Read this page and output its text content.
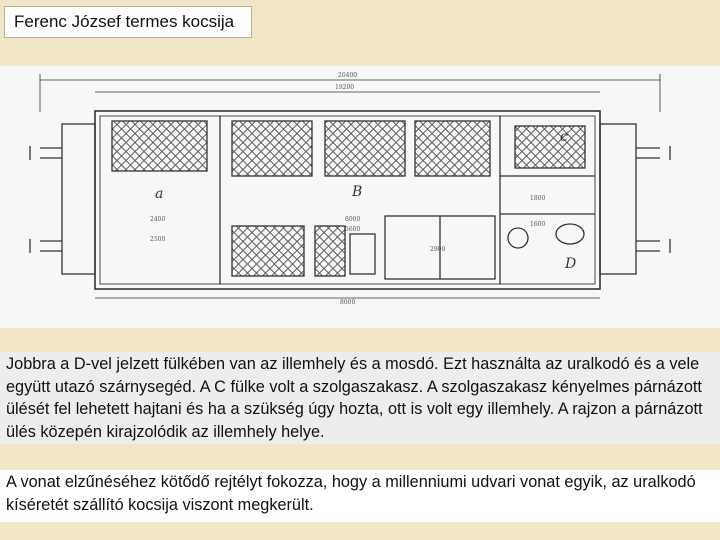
Ferenc József termes kocsija
a	B
c
D
26400
19200
2400
2500
8000
5600
2900
1800
1600
8000
Jobbra a D-vel jelzett fülkében van az illemhely és a mosdó. Ezt használta az uralkodó és a vele együtt utazó szárnysegéd. A C fülke volt a szolgaszakasz. A szolgaszakasz kényelmes párnázott ülését fel lehetett hajtani és ha a szükség úgy hozta, ott is volt egy illemhely. A rajzon a párnázott ülés közepén kirajzolódik az illemhely helye.
A vonat elzűnéséhez kötődő rejtélyt fokozza, hogy a millenniumi udvari vonat egyik, az uralkodó kíséretét szállító kocsija viszont megkerült.
